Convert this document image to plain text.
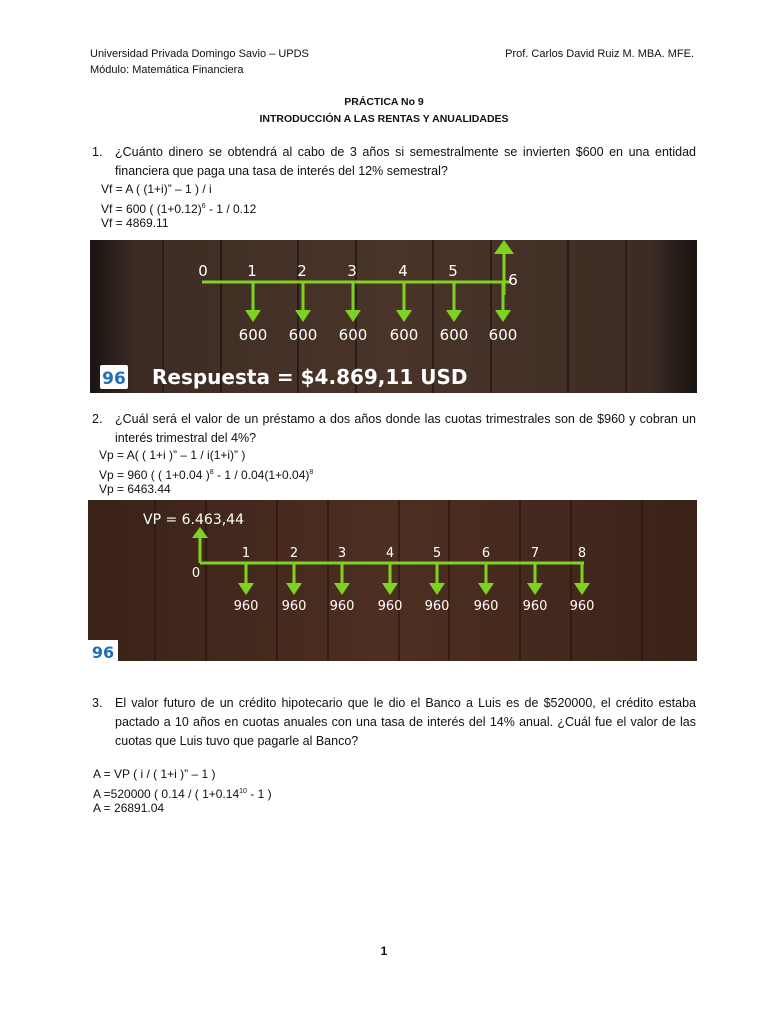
Universidad Privada Domingo Savio – UPDS
Módulo: Matemática Financiera
Prof. Carlos David Ruiz M. MBA. MFE.
PRÁCTICA No 9
INTRODUCCIÓN A LAS RENTAS Y ANUALIDADES
1. ¿Cuánto dinero se obtendrá al cabo de 3 años si semestralmente se invierten $600 en una entidad financiera que paga una tasa de interés del 12% semestral?
Vf = A ( (1+i)” – 1 ) / i
Vf = 600 ( $(1+0.12)^6 - 1 / 0.12$
Vf = 4869.11
0	1	2	3	4	5	6
600 600 600 600 600 600
96 Respuesta = $4.869,11 USD
2. ¿Cuál será el valor de un préstamo a dos años donde las cuotas trimestrales son de $960 y cobran un interés trimestral del 4%?
Vp = A( ( 1+i )” – 1 / i(1+i)” )
Vp = 960 ( ( 1+0.04 )$^8 - 1 / 0.04(1+0.04)^8$
Vp = 6463.44
0
1	2	3	4	5	6	7	8
VP = 6.463,44
960 960 960 960 960 960 960 960
96
3. El valor futuro de un crédito hipotecario que le dio el Banco a Luis es de $520000, el crédito estaba pactado a 10 años en cuotas anuales con una tasa de interés del 14% anual. ¿Cuál fue el valor de las cuotas que Luis tuvo que pagarle al Banco?
A = VP ( i / ( 1+i )” – 1 )
A =520000 ( 0.14 / ( $1+0.14^{10} - 1$ )
A = 26891.04
1
